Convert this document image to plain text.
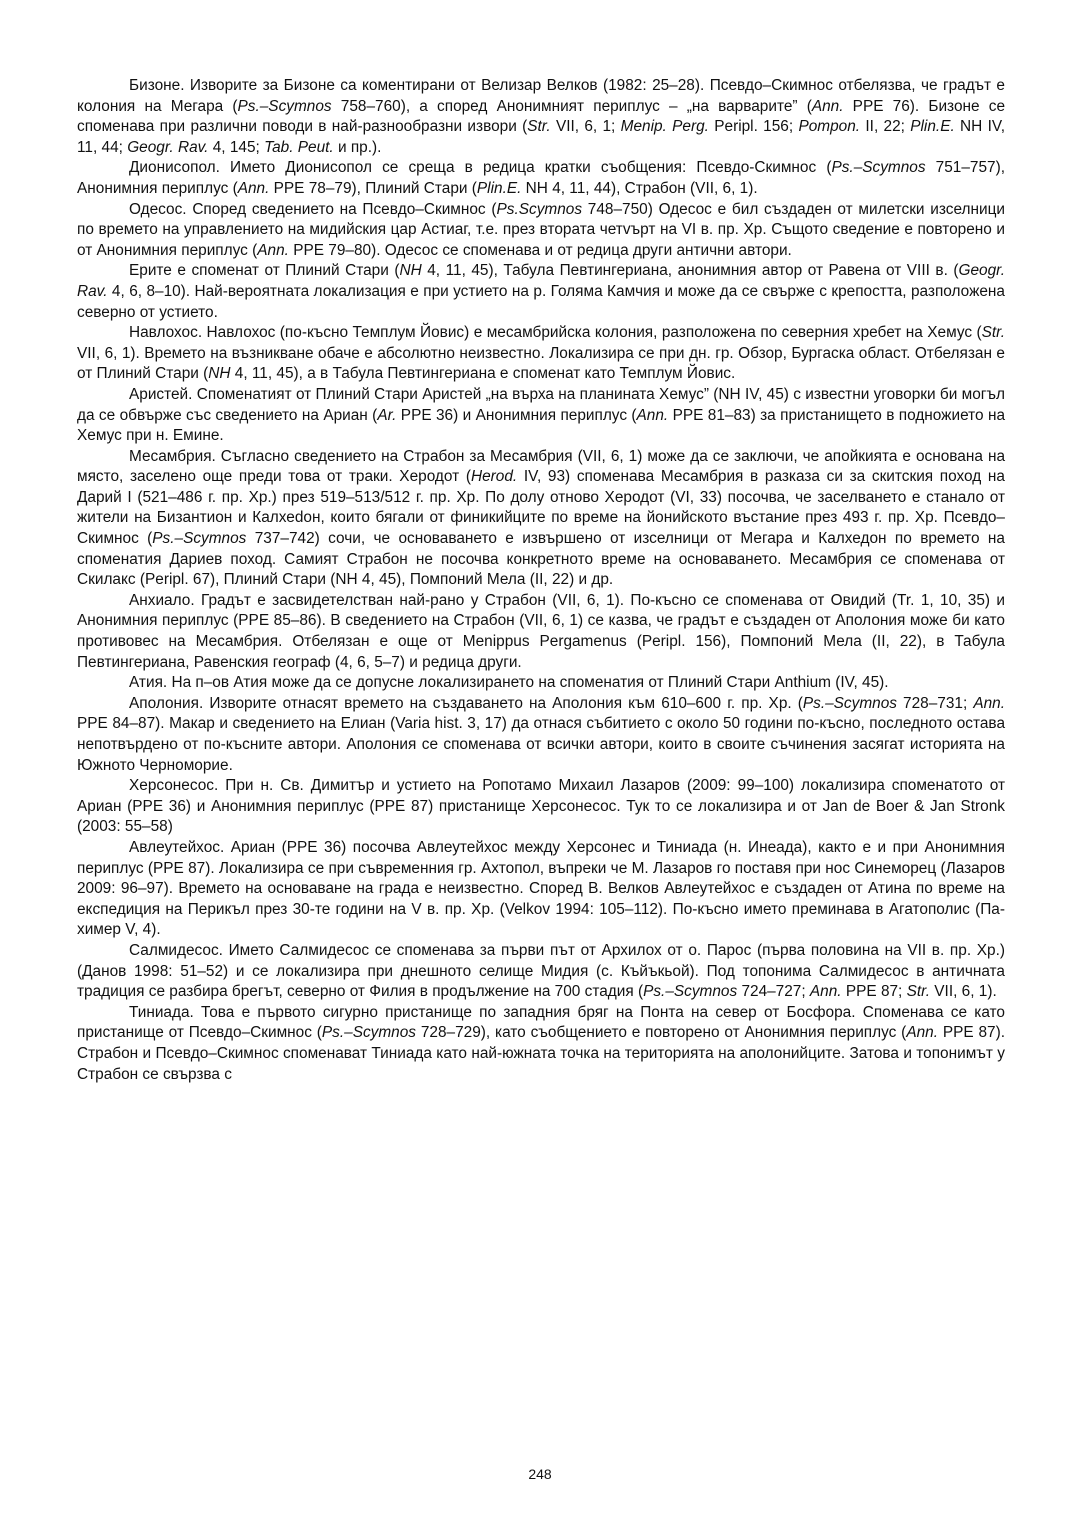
Бизоне. Изворите за Бизоне са коментирани от Велизар Велков (1982: 25–28). Псевдо–Скимнос отбелязва, че градът е колония на Мегара (Ps.–Scymnos 758–760), а според Анонимният периплус – „на варварите” (Ann. PPE 76). Бизоне се споменава при различни поводи в най-разнообразни извори (Str. VII, 6, 1; Menip. Perg. Peripl. 156; Pompon. II, 22; Plin.E. NH IV, 11, 44; Geogr. Rav. 4, 145; Tab. Peut. и пр.).

Дионисопол. Името Дионисопол се среща в редица кратки съобщения: Псевдо-Скимнос (Ps.–Scymnos 751–757), Анонимния периплус (Ann. PPE 78–79), Плиний Стари (Plin.E. NH 4, 11, 44), Страбон (VII, 6, 1).

Одесос. Според сведението на Псевдо–Скимнос (Ps.Scymnos 748–750) Одесос е бил създаден от милетски изселници по времето на управлението на мидийския цар Астиаг, т.е. през втората четvърт на VI в. пр. Хр. Същото сведение е повторено и от Анонимния периплус (Ann. PPE 79–80). Одесос се споменава и от редица други антични автори.

Ерите е споменат от Плиний Стари (NH 4, 11, 45), Табула Певтингериана, анонимния автор от Равена от VIII в. (Geogr. Rav. 4, 6, 8–10). Най-вероятната локализация е при устието на р. Голяма Камчия и може да се свърже с крепостта, разположена северно от устието.

Навлохос. Навлохос (по-късно Темплум Йовис) е месамбрийска колония, разположена по северния хребет на Хемус (Str. VII, 6, 1). Времето на възникване обаче е абсолютно неизвестно. Локализира се при дн. гр. Обзор, Бургаска област. Отбелязан е от Плиний Стари (NH 4, 11, 45), а в Табула Певтингериана е споменат като Темплум Йовис.

Аристей. Споменатият от Плиний Стари Аристей „на върха на планината Хемус” (NH IV, 45) с известни уговорки би могъл да се обвърже със сведението на Ариан (Ar. PPE 36) и Анонимния периплус (Ann. PPE 81–83) за пристанището в подножието на Хемус при н. Емине.

Месамбрия. Съгласно сведението на Страбон за Месамбрия (VII, 6, 1) може да се заключи, че апойкията е основана на място, заселено още преди това от траки. Херодот (Herod. IV, 93) споменава Месамбрия в разказа си за скитския поход на Дарий I (521–486 г. пр. Хр.) през 519–513/512 г. пр. Хр. По долу отново Херодот (VI, 33) посочва, че заселването е станало от жители на Бизантион и Калхеdон, които бягали от финикийците по време на йонийското въстание през 493 г. пр. Хр. Псевдо–Скимнос (Ps.–Scymnos 737–742) сочи, че основаването е извършено от изселници от Мегара и Калхедон по времето на споменатия Дариев поход. Самият Страбон не посочва конкретното време на основаването. Месамбрия се споменава от Скилакс (Peripl. 67), Плиний Стари (NH 4, 45), Помпоний Мела (II, 22) и др.

Анхиало. Градът е засвидетелстван най-рано у Страбон (VII, 6, 1). По-късно се споменава от Овидий (Tr. 1, 10, 35) и Анонимния периплус (PPE 85–86). В сведението на Страбон (VII, 6, 1) се казва, че градът е създаден от Аполония може би като противовес на Месамбрия. Отбелязан е още от Menippus Pergamenus (Peripl. 156), Помпоний Мела (II, 22), в Табула Певтингериана, Равенския географ (4, 6, 5–7) и редица други.

Атия. На п–ов Атия може да се допусне локализирането на споменатия от Плиний Стари Anthium (IV, 45).

Аполония. Изворите отнасят времето на създаването на Аполония към 610–600 г. пр. Хр. (Ps.–Scymnos 728–731; Ann. PPE 84–87). Макар и сведението на Елиан (Varia hist. 3, 17) да отнася събитието с около 50 години по-късно, последното остава непотвърдено от по-късните автори. Аполония се споменава от всички автори, които в своите съчинения засягат историята на Южното Черноморие.

Херсонесос. При н. Св. Димитър и устието на Ропотамо Михаил Лазаров (2009: 99–100) локализира споменатото от Ариан (PPE 36) и Анонимния периплус (PPE 87) пристанище Херсонесос. Тук то се локализира и от Jan de Boer & Jan Stronk (2003: 55–58)

Авлеутейхос. Ариан (PPE 36) посочва Авлеутейхос между Херсонес и Тиниада (н. Инеада), както е и при Анонимния периплус (PPE 87). Локализира се при съвременния гр. Ахтопол, въпреки че М. Лазаров го поставя при нос Синеморец (Лазаров 2009: 96–97). Времето на основаване на града е неизвестно. Според В. Велков Авлеутейхос е създаден от Атина по време на експедиция на Перикъл през 30-те години на V в. пр. Хр. (Velkov 1994: 105–112). По-късно името преминава в Агатополис (Пахимер V, 4).

Салмидесос. Името Салмидесос се споменава за първи път от Архилох от о. Парос (първа половина на VII в. пр. Хр.) (Данов 1998: 51–52) и се локализира при днешното селище Мидия (с. Къйъкьой). Под топонима Салмидесос в античната традиция се разбира брегът, северно от Филия в продължение на 700 стадия (Ps.–Scymnos 724–727; Ann. PPE 87; Str. VII, 6, 1).

Тиниада. Това е първото сигурно пристанище по западния бряг на Понта на север от Босфора. Споменава се като пристанище от Псевдо–Скимнос (Ps.–Scymnos 728–729), като съобщението е повторено от Анонимния периплус (Ann. PPE 87). Страбон и Псевдо–Скимнос споменават Тиниада като най-южната точка на територията на аполонийците. Затова и топонимът у Страбон се свързва с

248
